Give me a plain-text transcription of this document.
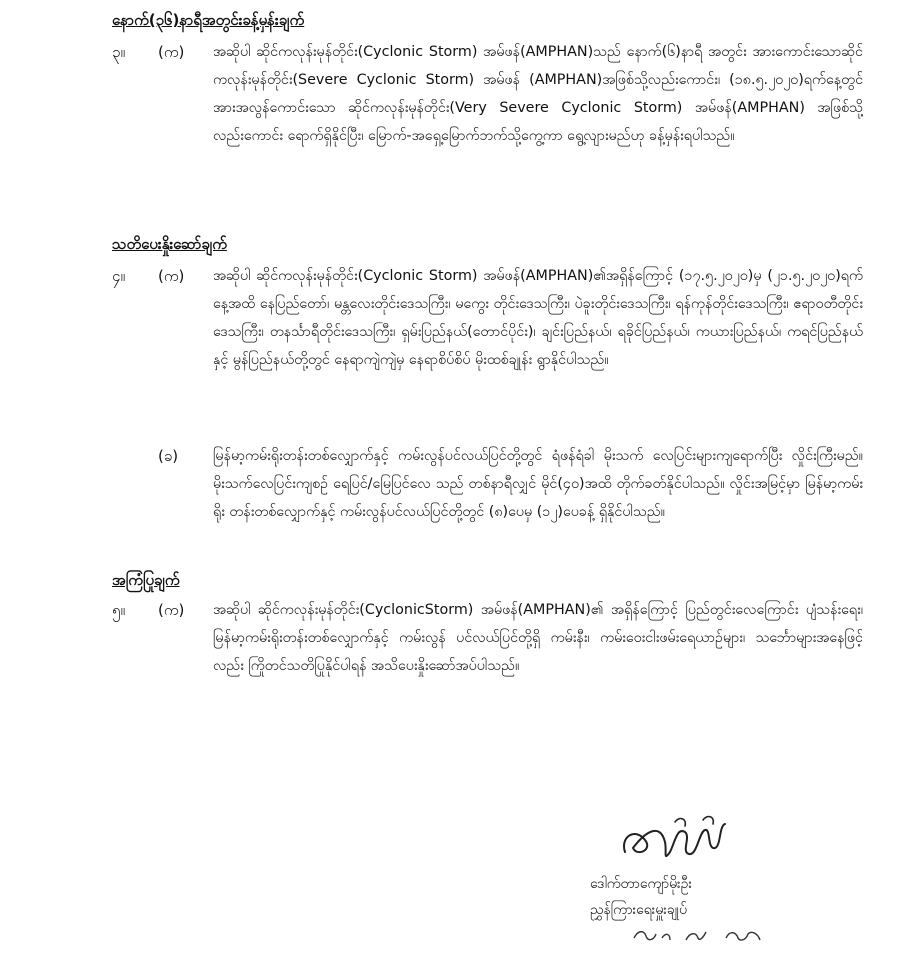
နောက်(၃၆)နာရီအတွင်းခန့်မှန်းချက်
၃။ (က) အဆိုပါ ဆိုင်ကလုန်းမုန်တိုင်း(Cyclonic Storm) အမ်ဖန်(AMPHAN)သည် နောက်(၆)နာရီ အတွင်း အားကောင်းသောဆိုင်ကလုန်းမုန်တိုင်း(Severe Cyclonic Storm) အမ်ဖန် (AMPHAN)အဖြစ်သို့လည်းကောင်း၊ (၁၈.၅.၂၀၂၀)ရက်နေ့တွင် အားအလွန်ကောင်းသော ဆိုင်ကလုန်းမုန်တိုင်း(Very Severe Cyclonic Storm) အမ်ဖန်(AMPHAN) အဖြစ်သို့ လည်းကောင်း ရောက်ရှိနိုင်ပြီး၊ မြောက်-အရှေ့မြောက်ဘက်သို့ကွေ့ကာ ရွေ့လျားမည်ဟု ခန့်မှန်းရပါသည်။

သတိပေးနှိုးဆော်ချက်
၄။ (က) အဆိုပါ ဆိုင်ကလုန်းမုန်တိုင်း(Cyclonic Storm) အမ်ဖန်(AMPHAN)၏အရှိန်ကြောင့် (၁၇.၅.၂၀၂၀)မှ (၂၁.၅.၂၀၂၀)ရက်နေ့အထိ နေပြည်တော်၊ မန္တလေးတိုင်းဒေသကြီး၊ မကွေး တိုင်းဒေသကြီး၊ ပဲခူးတိုင်းဒေသကြီး၊ ရန်ကုန်တိုင်းဒေသကြီး၊ ဧရာဝတီတိုင်းဒေသကြီး၊ တနင်္သာရီတိုင်းဒေသကြီး၊ ရှမ်းပြည်နယ်(တောင်ပိုင်း)၊ ချင်းပြည်နယ်၊ ရခိုင်ပြည်နယ်၊ ကယားပြည်နယ်၊ ကရင်ပြည်နယ်နှင့် မွန်ပြည်နယ်တို့တွင် နေရာကျဲကျဲမှ နေရာစိပ်စိပ် မိုးထစ်ချုန်း ရွာနိုင်ပါသည်။

(ခ) မြန်မာ့ကမ်းရိုးတန်းတစ်လျှောက်နှင့် ကမ်းလွန်ပင်လယ်ပြင်တို့တွင် ရံဖန်ရံခါ မိုးသက် လေပြင်းများကျရောက်ပြီး လှိုင်းကြီးမည်။ မိုးသက်လေပြင်းကျစဉ် ရေပြင်/မြေပြင်လေ သည် တစ်နာရီလျှင် မိုင်(၄၀)အထိ တိုက်ခတ်နိုင်ပါသည်။ လှိုင်းအမြင့်မှာ မြန်မာ့ကမ်းရိုး တန်းတစ်လျှောက်နှင့် ကမ်းလွန်ပင်လယ်ပြင်တို့တွင် (၈)ပေမှ (၁၂)ပေခန့် ရှိနိုင်ပါသည်။

အကြံပြုချက်
၅။ (က) အဆိုပါ ဆိုင်ကလုန်းမုန်တိုင်း(CyclonicStorm) အမ်ဖန်(AMPHAN)၏ အရှိန်ကြောင့် ပြည်တွင်းလေကြောင်း ပျံသန်းရေး၊ မြန်မာ့ကမ်းရိုးတန်းတစ်လျှောက်နှင့် ကမ်းလွန် ပင်လယ်ပြင်တို့ရှိ ကမ်းနီး၊ ကမ်းဝေးငါးဖမ်းရေယာဉ်များ၊ သင်္ဘောများအနေဖြင့်လည်း ကြိုတင်သတိပြုနိုင်ပါရန် အသိပေးနှိုးဆော်အပ်ပါသည်။

ဒေါက်တာကျော်မိုးဦး
ညွှန်ကြားရေးမှူးချုပ်
